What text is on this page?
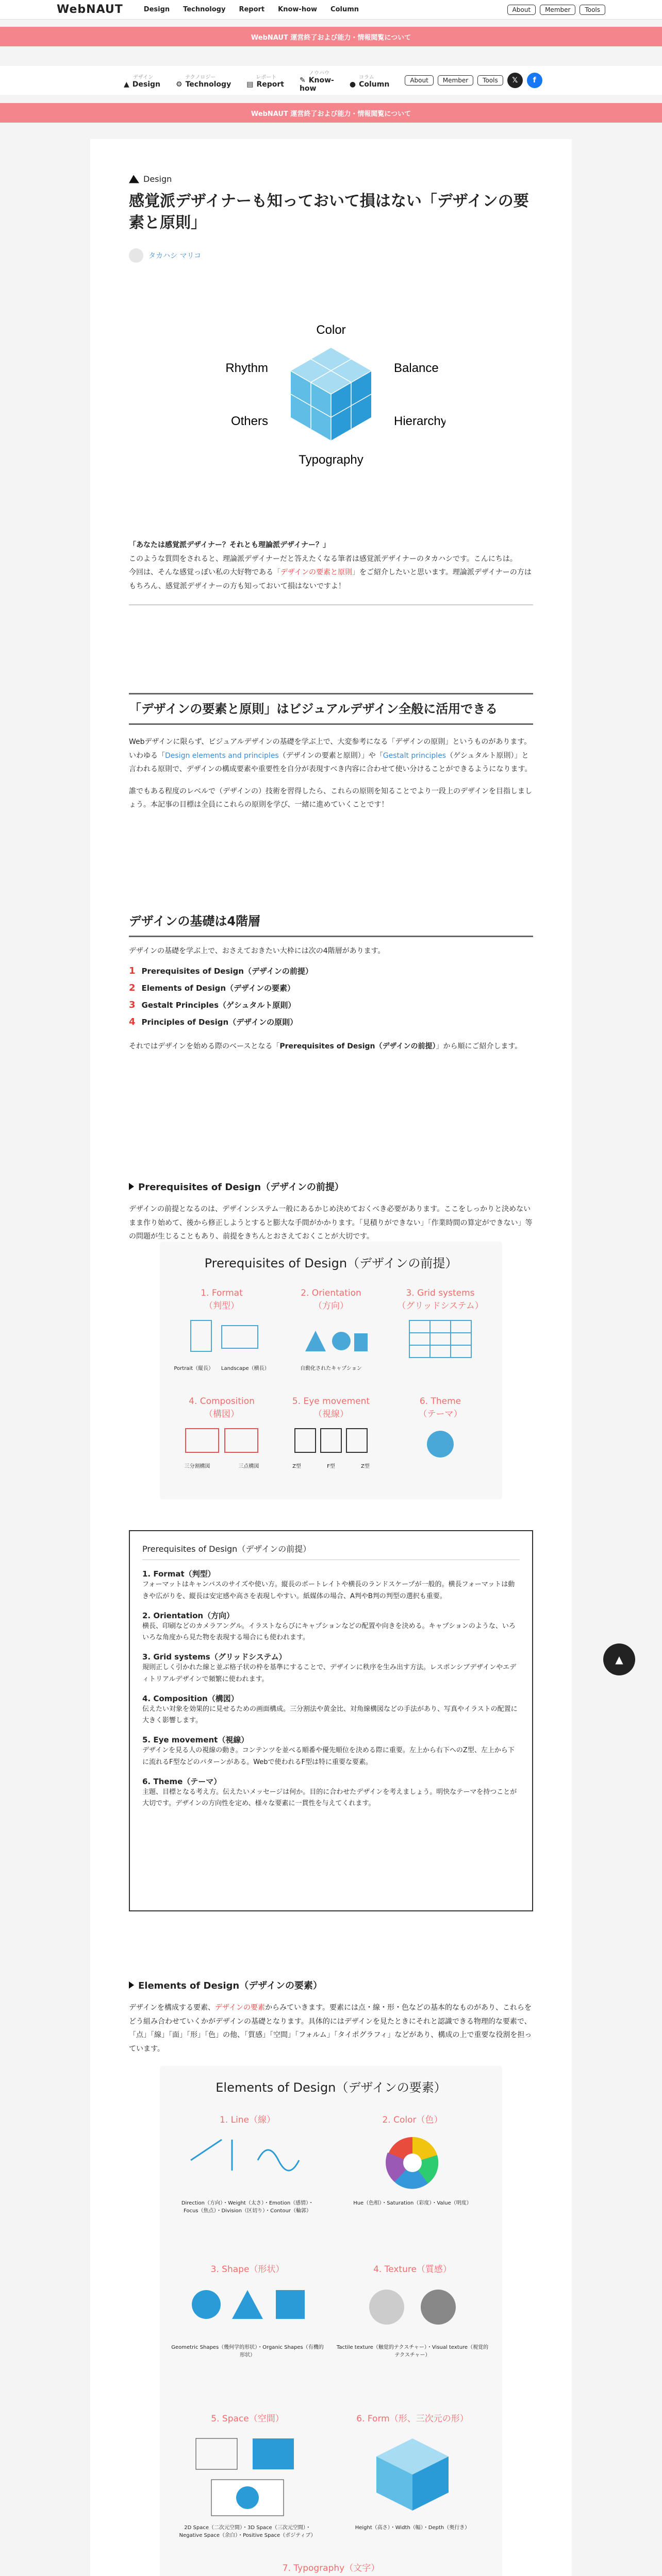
WebNAUT	Design Technology Report Know-how Column	About	Member	Tools
WebNAUT 運営終了および能力・情報閲覧について
デザイン
▲ Design
テクノロジー
⚙ Technology
レポート
▤ Report
ノウハウ
✎ Know-how
コラム
● Column	About	Member	Tools	𝕏	f
WebNAUT 運営終了および能力・情報閲覧について
Design
感覚派デザイナーも知っておいて損はない「デザインの要素と原則」
タカハシ マリコ
Color
Rhythm	Balance
Others	Hierarchy
Typography

「あなたは感覚派デザイナー？それとも理論派デザイナー？」

このような質問をされると、理論派デザイナーだと答えたくなる筆者は感覚派デザイナーのタカハシです。こんにちは。

今回は、そんな感覚っぽい私の大好物である「デザインの要素と原則」をご紹介したいと思います。理論派デザイナーの方はもちろん、感覚派デザイナーの方も知っておいて損はないですよ！

「デザインの要素と原則」はビジュアルデザイン全般に活用できる

Webデザインに限らず、ビジュアルデザインの基礎を学ぶ上で、大変参考になる「デザインの原則」というものがあります。いわゆる「Design elements and principles（デザインの要素と原則）」や「Gestalt principles（ゲシュタルト原則）」と言われる原則で、デザインの構成要素や重要性を自分が表現すべき内容に合わせて使い分けることができるようになります。

誰でもある程度のレベルで（デザインの）技術を習得したら、これらの原則を知ることでより一段上のデザインを目指しましょう。本記事の目標は全員にこれらの原則を学び、一緒に進めていくことです！

デザインの基礎は4階層

デザインの基礎を学ぶ上で、おさえておきたい大枠には次の4階層があります。

1 Prerequisites of Design（デザインの前提）
2 Elements of Design（デザインの要素）
3 Gestalt Principles（ゲシュタルト原則）
4 Principles of Design（デザインの原則）

それではデザインを始める際のベースとなる「Prerequisites of Design（デザインの前提）」から順にご紹介します。

Prerequisites of Design（デザインの前提）

デザインの前提となるのは、デザインシステム一般にあるかじめ決めておくべき必要があります。ここをしっかりと決めないまま作り始めて、後から修正しようとすると膨大な手間がかかります。「見積りができない」「作業時間の算定ができない」等の問題が生じることもあり、前提をきちんとおさえておくことが大切です。

Prerequisites of Design（デザインの前提）
1. Format
（判型）
Portrait（縦長） Landscape（横長）
2. Orientation
（方向）
自動化されたキャプション
3. Grid systems
（グリッドシステム）
4. Composition
（構図）
三分割構図	三点構図
5. Eye movement
（視線）
Z型	F型	Z型
6. Theme
（テーマ）
Prerequisites of Design（デザインの前提）
1. Format（判型）
フォーマットはキャンバスのサイズや使い方。縦長のポートレイトや横長のランドスケープが一般的。横長フォーマットは動きや広がりを、縦長は安定感や高さを表現しやすい。紙媒体の場合、A判やB判の判型の選択も重要。
2. Orientation（方向）
横長、印刷などのカメラアングル。イラストならびにキャプションなどの配置や向きを決める。キャプションのような、いろいろな角度から見た物を表現する場合にも使われます。
3. Grid systems（グリッドシステム）
規則正しく引かれた線と並ぶ格子状の枠を基準にすることで、デザインに秩序を生み出す方法。レスポンシブデザインやエディトリアルデザインで頻繁に使われます。
4. Composition（構図）
伝えたい対象を効果的に見せるための画面構成。三分割法や黄金比、対角線構図などの手法があり、写真やイラストの配置に大きく影響します。
5. Eye movement（視線）
デザインを見る人の視線の動き。コンテンツを並べる順番や優先順位を決める際に重要。左上から右下へのZ型、左上から下に流れるF型などのパターンがある。Webで使われるF型は特に重要な要素。
6. Theme（テーマ）
主題、目標となる考え方。伝えたいメッセージは何か。目的に合わせたデザインを考えましょう。明快なテーマを持つことが大切です。デザインの方向性を定め、様々な要素に一貫性を与えてくれます。
Elements of Design（デザインの要素）

デザインを構成する要素、デザインの要素からみていきます。要素には点・線・形・色などの基本的なものがあり、これらをどう組み合わせていくかがデザインの基礎となります。具体的にはデザインを見たときにそれと認識できる物理的な要素で、「点」「線」「面」「形」「色」の他、「質感」「空間」「フォルム」「タイポグラフィ」などがあり、構成の上で重要な役割を担っています。

Elements of Design（デザインの要素）
1. Line（線）
Direction（方向）・Weight（太さ）・Emotion（感情）・Focus（焦点）・Division（区切り）・Contour（輪郭）
2. Color（色）
Hue（色相）・Saturation（彩度）・Value（明度）
3. Shape（形状）
Geometric Shapes（幾何学的形状）・Organic Shapes（有機的形状）
4. Texture（質感）
Tactile texture（触覚的テクスチャー）・Visual texture（視覚的テクスチャー）
5. Space（空間）
2D Space（二次元空間）・3D Space（三次元空間）・Negative Space（余白）・Positive Space（ポジティブ）
6. Form（形、三次元の形）
Height（高さ）・Width（幅）・Depth（奥行き）
7. Typography（文字）

▲
